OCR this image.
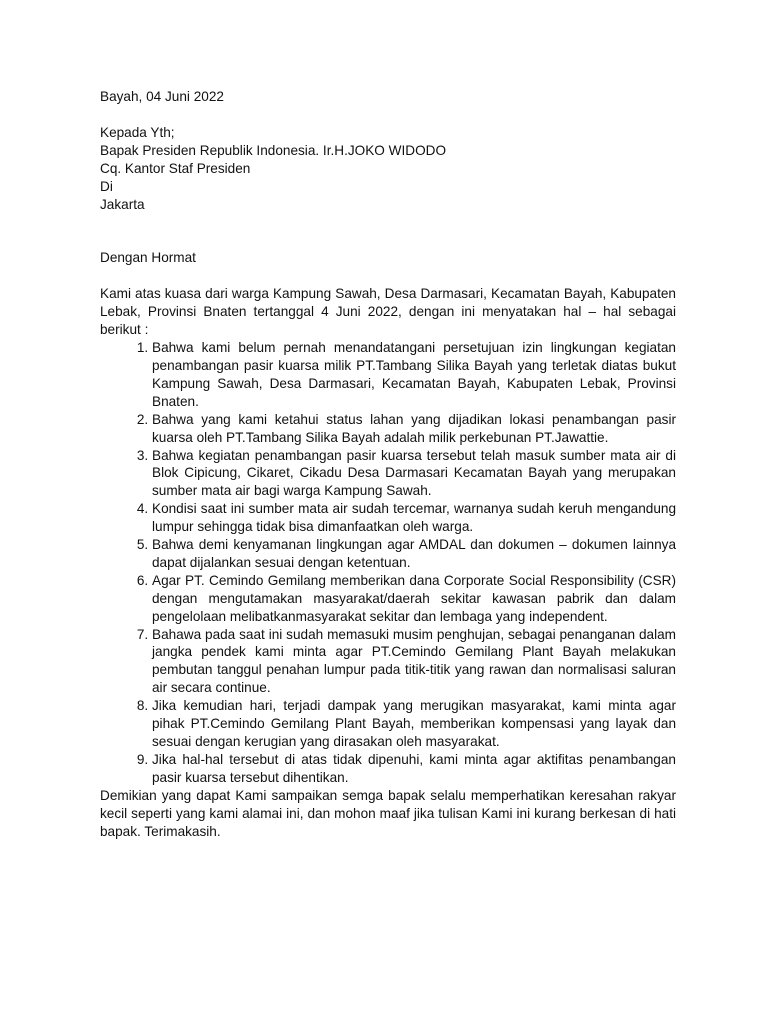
Bayah, 04 Juni 2022

Kepada Yth;
Bapak Presiden Republik Indonesia. Ir.H.JOKO WIDODO
Cq. Kantor Staf Presiden
Di
Jakarta

Dengan Hormat

Kami atas kuasa dari warga Kampung Sawah, Desa Darmasari, Kecamatan Bayah, Kabupaten Lebak, Provinsi Bnaten tertanggal 4 Juni 2022, dengan ini menyatakan hal – hal sebagai berikut :

1. Bahwa kami belum pernah menandatangani persetujuan izin lingkungan kegiatan penambangan pasir kuarsa milik PT.Tambang Silika Bayah yang terletak diatas bukut Kampung Sawah, Desa Darmasari, Kecamatan Bayah, Kabupaten Lebak, Provinsi Bnaten.
2. Bahwa yang kami ketahui status lahan yang dijadikan lokasi penambangan pasir kuarsa oleh PT.Tambang Silika Bayah adalah milik perkebunan PT.Jawattie.
3. Bahwa kegiatan penambangan pasir kuarsa tersebut telah masuk sumber mata air di Blok Cipicung, Cikaret, Cikadu Desa Darmasari Kecamatan Bayah yang merupakan sumber mata air bagi warga Kampung Sawah.
4. Kondisi saat ini sumber mata air sudah tercemar, warnanya sudah keruh mengandung lumpur sehingga tidak bisa dimanfaatkan oleh warga.
5. Bahwa demi kenyamanan lingkungan agar AMDAL dan dokumen – dokumen lainnya dapat dijalankan sesuai dengan ketentuan.
6. Agar PT. Cemindo Gemilang memberikan dana Corporate Social Responsibility (CSR) dengan mengutamakan masyarakat/daerah sekitar kawasan pabrik dan dalam pengelolaan melibatkanmasyarakat sekitar dan lembaga yang independent.
7. Bahawa pada saat ini sudah memasuki musim penghujan, sebagai penanganan dalam jangka pendek kami minta agar PT.Cemindo Gemilang Plant Bayah melakukan pembutan tanggul penahan lumpur pada titik-titik yang rawan dan normalisasi saluran air secara continue.
8. Jika kemudian hari, terjadi dampak yang merugikan masyarakat, kami minta agar pihak PT.Cemindo Gemilang Plant Bayah, memberikan kompensasi yang layak dan sesuai dengan kerugian yang dirasakan oleh masyarakat.
9. Jika hal-hal tersebut di atas tidak dipenuhi, kami minta agar aktifitas penambangan pasir kuarsa tersebut dihentikan.

Demikian yang dapat Kami sampaikan semga bapak selalu memperhatikan keresahan rakyar kecil seperti yang kami alamai ini, dan mohon maaf jika tulisan Kami ini kurang berkesan di hati bapak. Terimakasih.
